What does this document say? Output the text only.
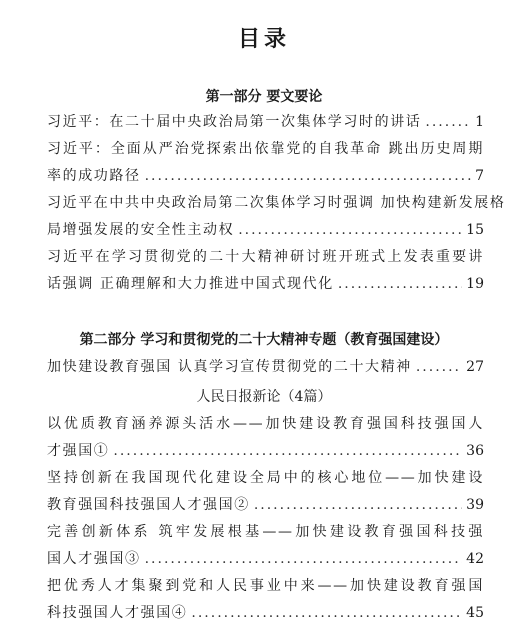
目录
第一部分 要文要论
习近平：在二十届中央政治局第一次集体学习时的讲话 .....	1
习近平：全面从严治党探索出依靠党的自我革命 跳出历史周期
率的成功路径 .....	7
习近平在中共中央政治局第二次集体学习时强调 加快构建新发展格
局增强发展的安全性主动权 .....	15
习近平在学习贯彻党的二十大精神研讨班开班式上发表重要讲
话强调 正确理解和大力推进中国式现代化 .....	19
第二部分 学习和贯彻党的二十大精神专题（教育强国建设）
加快建设教育强国 认真学习宣传贯彻党的二十大精神 .....	27
人民日报新论（4篇）
以优质教育涵养源头活水——加快建设教育强国科技强国人
才强国① .....	36
坚持创新在我国现代化建设全局中的核心地位——加快建设
教育强国科技强国人才强国② .....	39
完善创新体系 筑牢发展根基——加快建设教育强国科技强
国人才强国③ .....	42
把优秀人才集聚到党和人民事业中来——加快建设教育强国
科技强国人才强国④ .....	45
